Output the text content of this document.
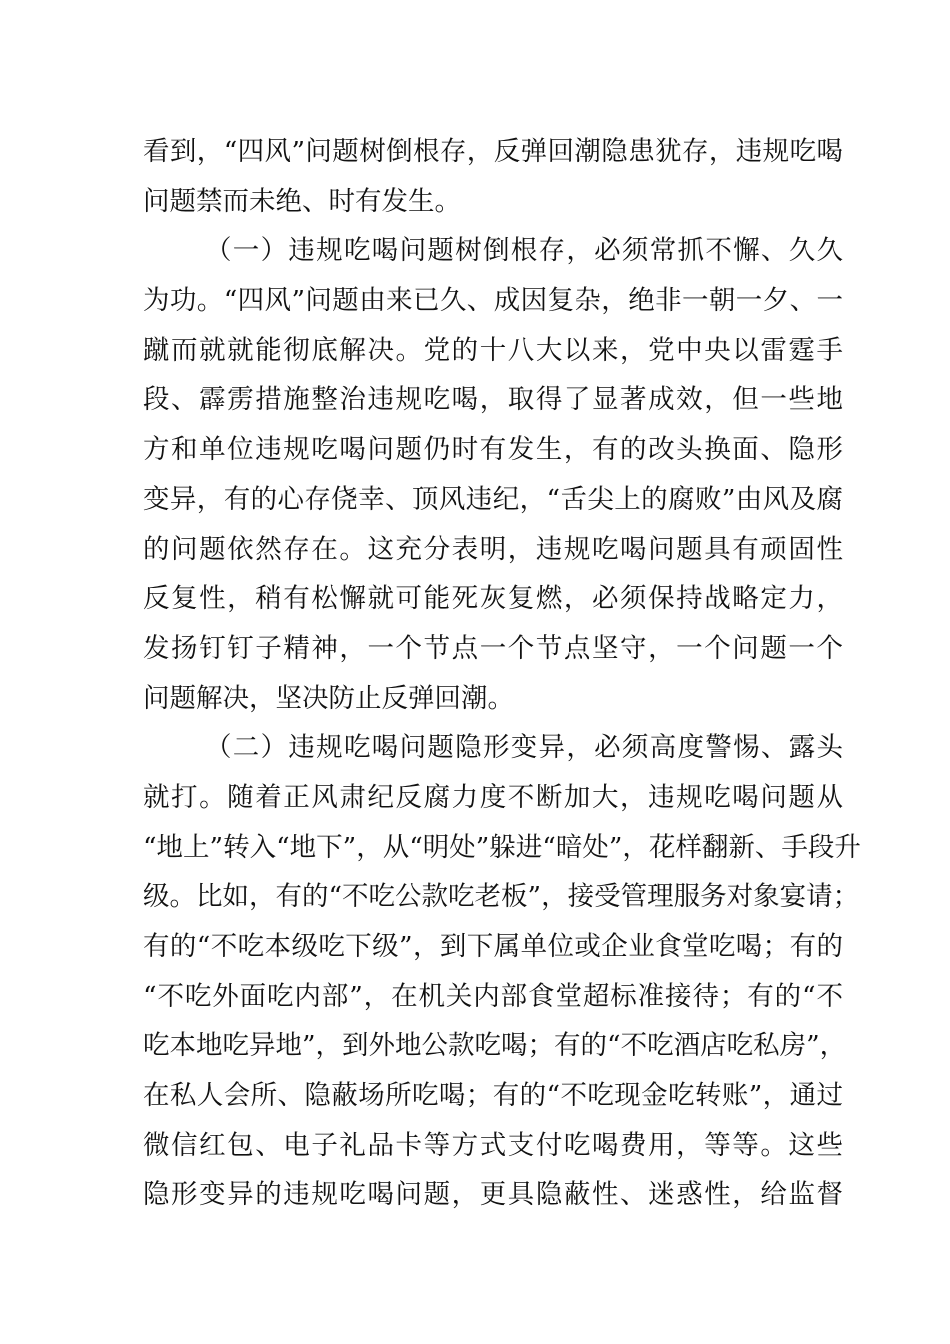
看到，“四风”问题树倒根存，反弹回潮隐患犹存，违规吃喝
问题禁而未绝、时有发生。
（一）违规吃喝问题树倒根存，必须常抓不懈、久久
为功。“四风”问题由来已久、成因复杂，绝非一朝一夕、一
蹴而就就能彻底解决。党的十八大以来，党中央以雷霆手
段、霹雳措施整治违规吃喝，取得了显著成效，但一些地
方和单位违规吃喝问题仍时有发生，有的改头换面、隐形
变异，有的心存侥幸、顶风违纪，“舌尖上的腐败”由风及腐
的问题依然存在。这充分表明，违规吃喝问题具有顽固性
反复性，稍有松懈就可能死灰复燃，必须保持战略定力，
发扬钉钉子精神，一个节点一个节点坚守，一个问题一个
问题解决，坚决防止反弹回潮。
（二）违规吃喝问题隐形变异，必须高度警惕、露头
就打。随着正风肃纪反腐力度不断加大，违规吃喝问题从
“地上”转入“地下”，从“明处”躲进“暗处”，花样翻新、手段升
级。比如，有的“不吃公款吃老板”，接受管理服务对象宴请；
有的“不吃本级吃下级”，到下属单位或企业食堂吃喝；有的
“不吃外面吃内部”，在机关内部食堂超标准接待；有的“不
吃本地吃异地”，到外地公款吃喝；有的“不吃酒店吃私房”，
在私人会所、隐蔽场所吃喝；有的“不吃现金吃转账”，通过
微信红包、电子礼品卡等方式支付吃喝费用，等等。这些
隐形变异的违规吃喝问题，更具隐蔽性、迷惑性，给监督
